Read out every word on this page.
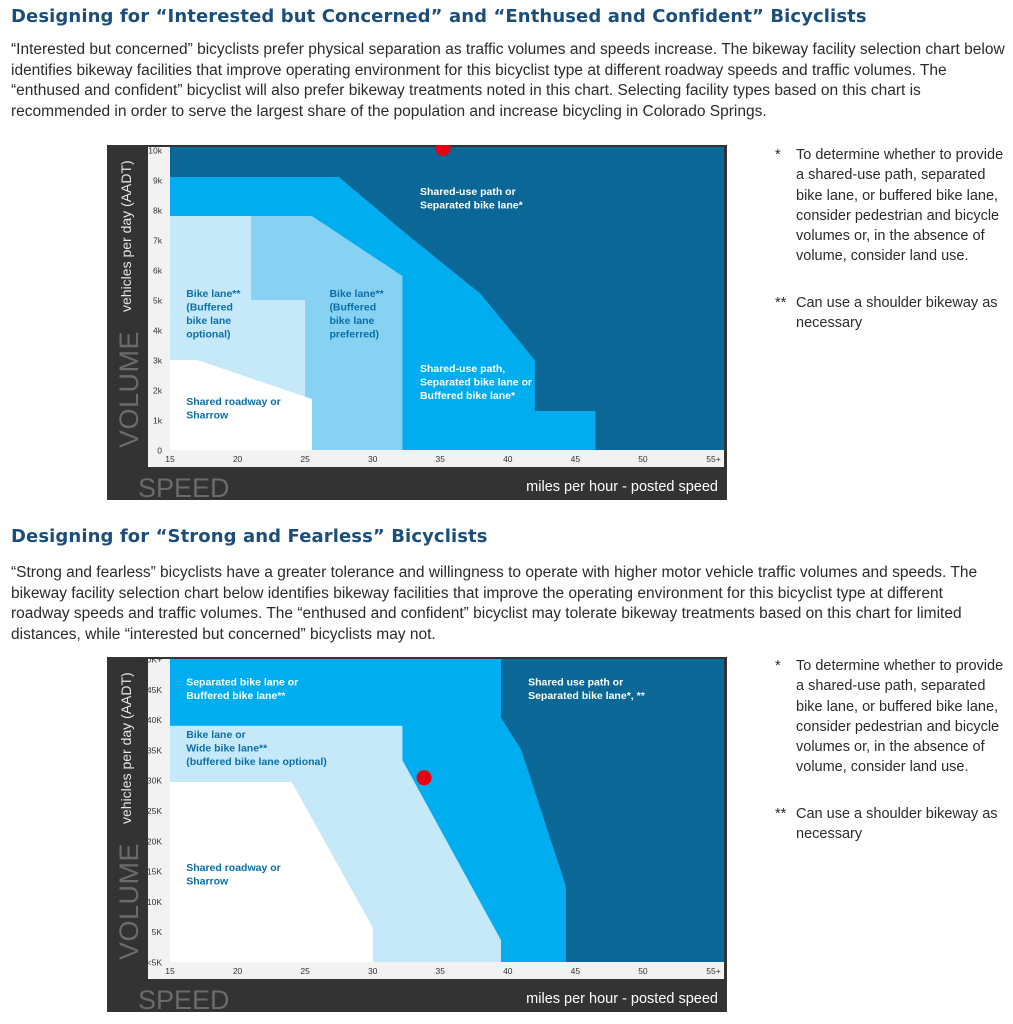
Designing for “Interested but Concerned” and “Enthused and Confident” Bicyclists

“Interested but concerned” bicyclists prefer physical separation as traffic volumes and speeds increase. The bikeway facility selection chart below identifies bikeway facilities that improve operating environment for this bicyclist type at different roadway speeds and traffic volumes. The “enthused and confident” bicyclist will also prefer bikeway treatments noted in this chart. Selecting facility types based on this chart is recommended in order to serve the largest share of the population and increase bicycling in Colorado Springs.

0
1k
2k
3k
4k
5k
6k
7k
8k
9k
10k
15	20	25	30	35	40	45	50	55+
VOLUME
vehicles per day (AADT)
SPEED	miles per hour - posted speed
Shared-use path or Separated bike lane*
Bike lane** (Buffered bike lane optional)
Bike lane** (Buffered bike lane preferred)
Shared-use path, Separated bike lane or Buffered bike lane*
Shared roadway or Sharrow
*	To determine whether to provide a shared-use path, separated bike lane, or buffered bike lane, consider pedestrian and bicycle volumes or, in the absence of volume, consider land use.
** Can use a shoulder bikeway as necessary
Designing for “Strong and Fearless” Bicyclists

“Strong and fearless” bicyclists have a greater tolerance and willingness to operate with higher motor vehicle traffic volumes and speeds. The bikeway facility selection chart below identifies bikeway facilities that improve the operating environment for this bicyclist type at different roadway speeds and traffic volumes. The “enthused and confident” bicyclist may tolerate bikeway treatments based on this chart for limited distances, while “interested but concerned” bicyclists may not.

<5K
5K
10K
15K
20K
25K
30K
35K
40K
45K
50K+
15	20	25	30	35	40	45	50	55+
VOLUME
vehicles per day (AADT)
SPEED	miles per hour - posted speed
Separated bike lane or Buffered bike lane**
Shared use path or Separated bike lane*, **
Bike lane or Wide bike lane** (buffered bike lane optional)
Shared roadway or Sharrow
*	To determine whether to provide a shared-use path, separated bike lane, or buffered bike lane, consider pedestrian and bicycle volumes or, in the absence of volume, consider land use.
** Can use a shoulder bikeway as necessary
